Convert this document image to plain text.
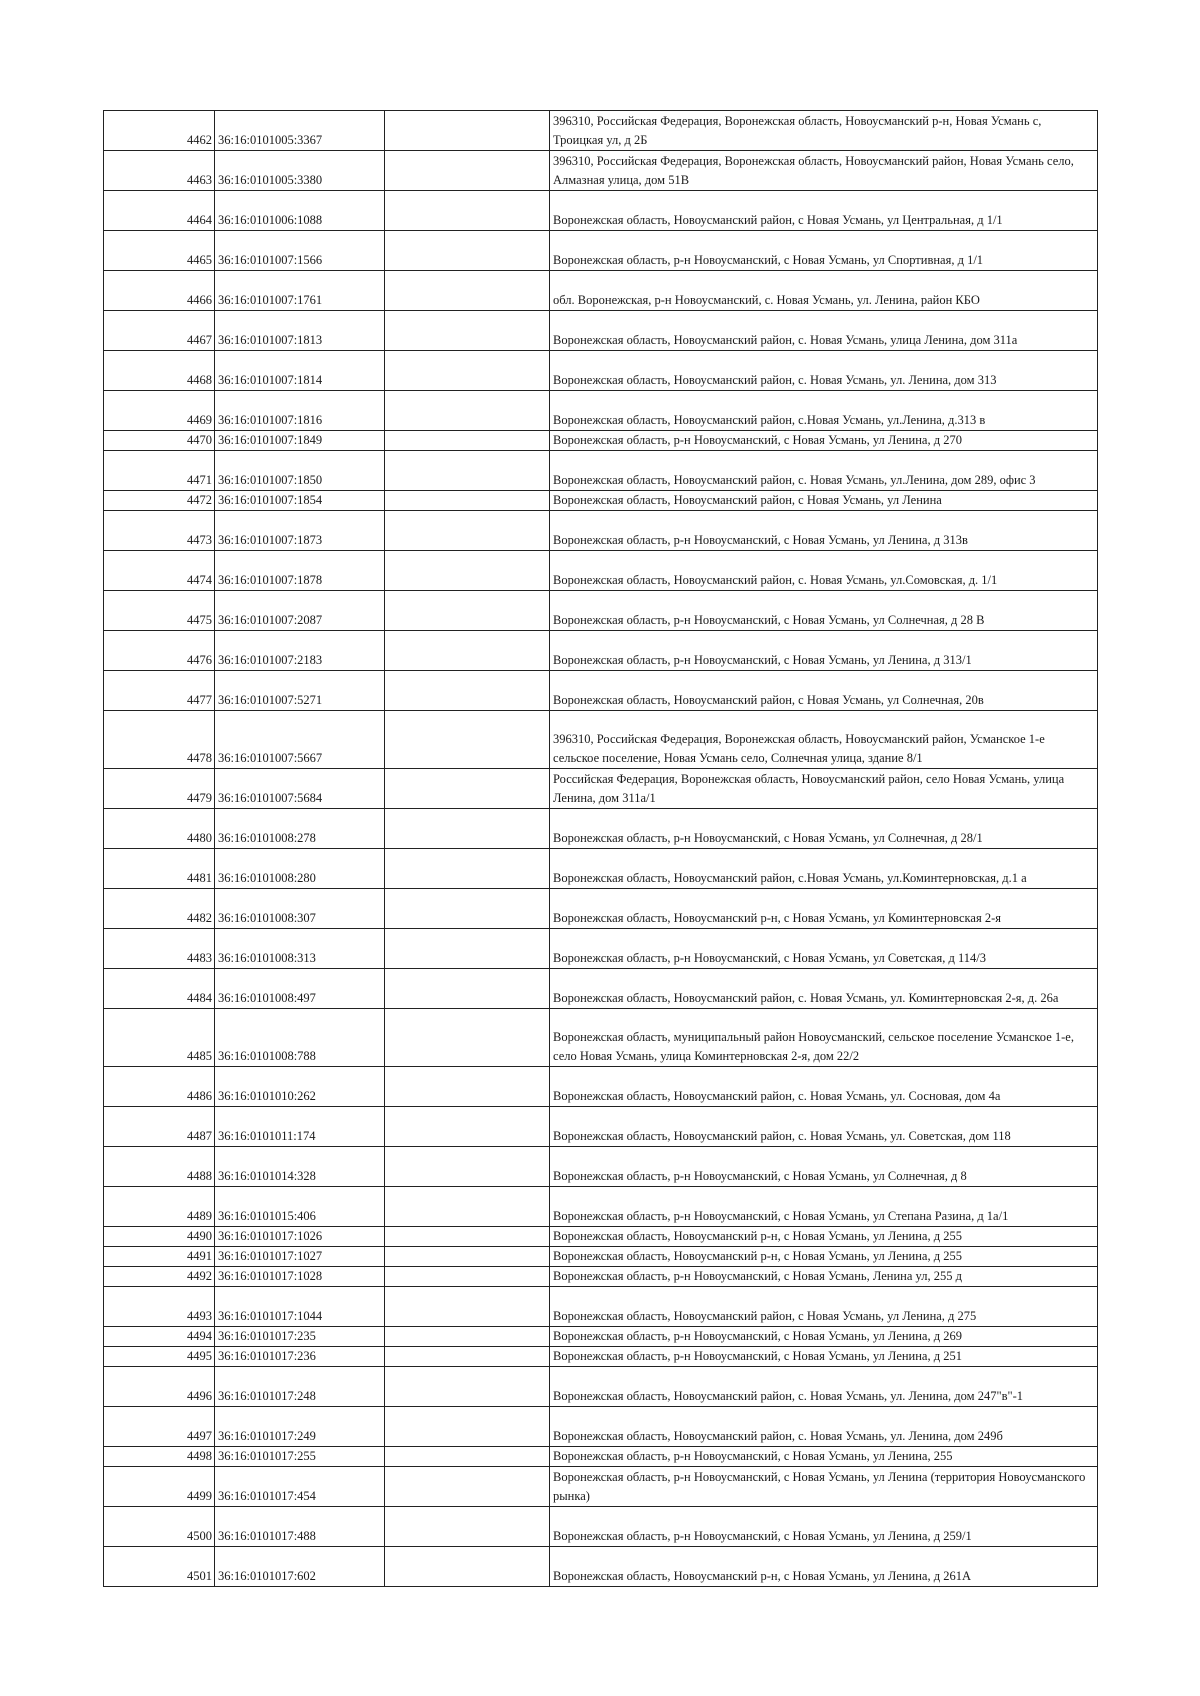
4462	36:16:0101005:3367		396310, Российская Федерация, Воронежская область, Новоусманский р-н, Новая Усмань с, Троицкая ул, д 2Б
4463	36:16:0101005:3380		396310, Российская Федерация, Воронежская область, Новоусманский район, Новая Усмань село, Алмазная улица, дом 51В
4464	36:16:0101006:1088		Воронежская область, Новоусманский район, с Новая Усмань, ул Центральная, д 1/1
4465	36:16:0101007:1566		Воронежская область, р-н Новоусманский, с Новая Усмань, ул Спортивная, д 1/1
4466	36:16:0101007:1761		обл. Воронежская, р-н Новоусманский, с. Новая Усмань, ул. Ленина, район КБО
4467	36:16:0101007:1813		Воронежская область, Новоусманский район, с. Новая Усмань, улица Ленина, дом 311а
4468	36:16:0101007:1814		Воронежская область, Новоусманский район, с. Новая Усмань, ул. Ленина, дом 313
4469	36:16:0101007:1816		Воронежская область, Новоусманский район, с.Новая Усмань, ул.Ленина, д.313 в
4470	36:16:0101007:1849		Воронежская область, р-н Новоусманский, с Новая Усмань, ул Ленина, д 270
4471	36:16:0101007:1850		Воронежская область, Новоусманский район, с. Новая Усмань, ул.Ленина, дом 289, офис 3
4472	36:16:0101007:1854		Воронежская область, Новоусманский район, с Новая Усмань, ул Ленина
4473	36:16:0101007:1873		Воронежская область, р-н Новоусманский, с Новая Усмань, ул Ленина, д 313в
4474	36:16:0101007:1878		Воронежская область, Новоусманский район, с. Новая Усмань, ул.Сомовская, д. 1/1
4475	36:16:0101007:2087		Воронежская область, р-н Новоусманский, с Новая Усмань, ул Солнечная, д 28 В
4476	36:16:0101007:2183		Воронежская область, р-н Новоусманский, с Новая Усмань, ул Ленина, д 313/1
4477	36:16:0101007:5271		Воронежская область, Новоусманский район, с Новая Усмань, ул Солнечная, 20в
4478	36:16:0101007:5667		396310, Российская Федерация, Воронежская область, Новоусманский район, Усманское 1-е сельское поселение, Новая Усмань село, Солнечная улица, здание 8/1
4479	36:16:0101007:5684		Российская Федерация, Воронежская область, Новоусманский район, село Новая Усмань, улица Ленина, дом 311а/1
4480	36:16:0101008:278		Воронежская область, р-н Новоусманский, с Новая Усмань, ул Солнечная, д 28/1
4481	36:16:0101008:280		Воронежская область, Новоусманский район, с.Новая Усмань, ул.Коминтерновская, д.1 а
4482	36:16:0101008:307		Воронежская область, Новоусманский р-н, с Новая Усмань, ул Коминтерновская 2-я
4483	36:16:0101008:313		Воронежская область, р-н Новоусманский, с Новая Усмань, ул Советская, д 114/3
4484	36:16:0101008:497		Воронежская область, Новоусманский район, с. Новая Усмань, ул. Коминтерновская 2-я, д. 26а
4485	36:16:0101008:788		Воронежская область, муниципальный район Новоусманский, сельское поселение Усманское 1-е, село Новая Усмань, улица Коминтерновская 2-я, дом 22/2
4486	36:16:0101010:262		Воронежская область, Новоусманский район, с. Новая Усмань, ул. Сосновая, дом 4а
4487	36:16:0101011:174		Воронежская область, Новоусманский район, с. Новая Усмань, ул. Советская, дом 118
4488	36:16:0101014:328		Воронежская область, р-н Новоусманский, с Новая Усмань, ул Солнечная, д 8
4489	36:16:0101015:406		Воронежская область, р-н Новоусманский, с Новая Усмань, ул Степана Разина, д 1а/1
4490	36:16:0101017:1026		Воронежская область, Новоусманский р-н, с Новая Усмань, ул Ленина, д 255
4491	36:16:0101017:1027		Воронежская область, Новоусманский р-н, с Новая Усмань, ул Ленина, д 255
4492	36:16:0101017:1028		Воронежская область, р-н Новоусманский, с Новая Усмань, Ленина ул, 255 д
4493	36:16:0101017:1044		Воронежская область, Новоусманский район, с Новая Усмань, ул Ленина, д 275
4494	36:16:0101017:235		Воронежская область, р-н Новоусманский, с Новая Усмань, ул Ленина, д 269
4495	36:16:0101017:236		Воронежская область, р-н Новоусманский, с Новая Усмань, ул Ленина, д 251
4496	36:16:0101017:248		Воронежская область, Новоусманский район, с. Новая Усмань, ул. Ленина, дом 247"в"-1
4497	36:16:0101017:249		Воронежская область, Новоусманский район, с. Новая Усмань, ул. Ленина, дом 249б
4498	36:16:0101017:255		Воронежская область, р-н Новоусманский, с Новая Усмань, ул Ленина, 255
4499	36:16:0101017:454		Воронежская область, р-н Новоусманский, с Новая Усмань, ул Ленина (территория Новоусманского рынка)
4500	36:16:0101017:488		Воронежская область, р-н Новоусманский, с Новая Усмань, ул Ленина, д 259/1
4501	36:16:0101017:602		Воронежская область, Новоусманский р-н, с Новая Усмань, ул Ленина, д 261А
